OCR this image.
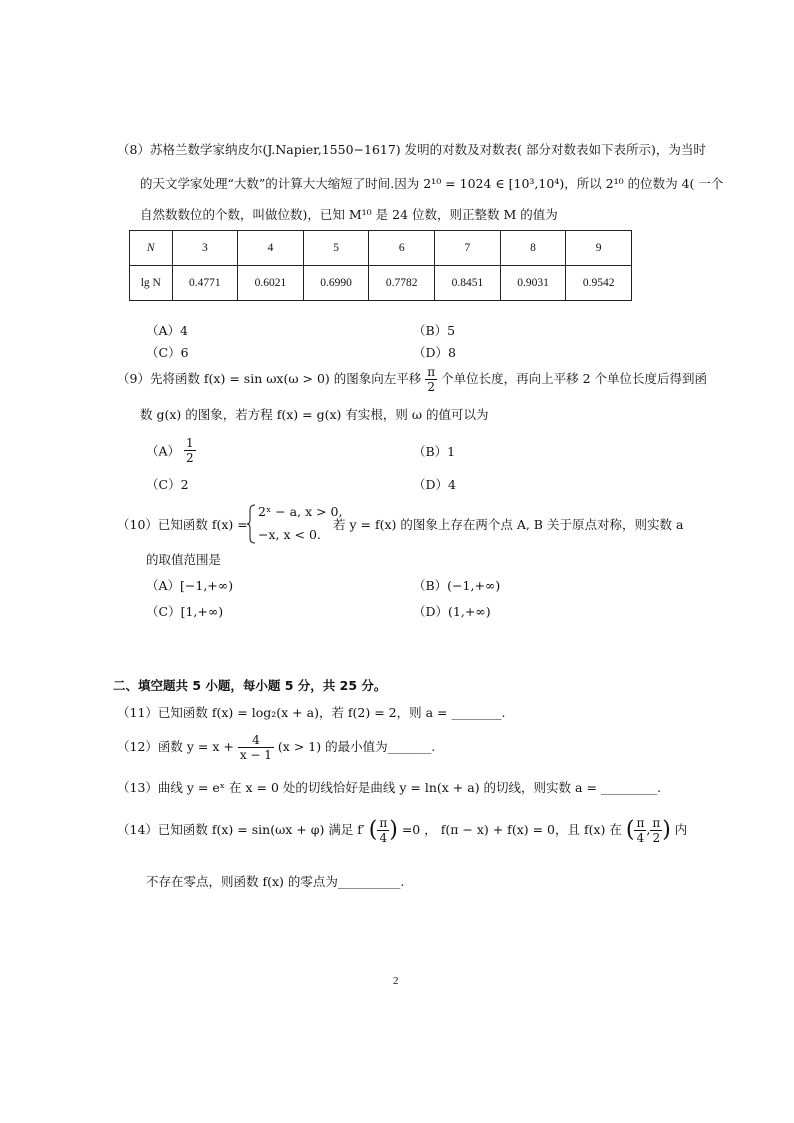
（8）苏格兰数学家纳皮尔(J.Napier,1550−1617) 发明的对数及对数表( 部分对数表如下表所示)，为当时
的天文学家处理“大数”的计算大大缩短了时间.因为 2¹⁰ = 1024 ∈ [10³,10⁴)，所以 2¹⁰ 的位数为 4( 一个
自然数数位的个数，叫做位数)，已知 M¹⁰ 是 24 位数，则正整数 M 的值为
N	3	4	5	6	7	8	9
lg N	0.4771	0.6021	0.6990	0.7782	0.8451	0.9031	0.9542
（A）4	（B）5
（C）6	（D）8
（9）先将函数 f(x) = sin ωx(ω > 0) 的图象向左平移 $\frac{\pi}{2}$ 个单位长度，再向上平移 2 个单位长度后得到函
数 g(x) 的图象，若方程 f(x) = g(x) 有实根，则 ω 的值可以为
$(A) \frac{1}{2}$	（B）1
（C）2	（D）4
（10）已知函数 f(x) =
2ˣ − a, x > 0,
−x, x < 0.
若 y = f(x) 的图象上存在两个点 A, B 关于原点对称，则实数 a
的取值范围是
（A）[−1,+∞)	（B）(−1,+∞)
（C）[1,+∞)	（D）(1,+∞)
二、填空题共 5 小题，每小题 5 分，共 25 分。
（11）已知函数 f(x) = log₂(x + a)，若 f(2) = 2，则 a = ________.
（12）函数 $y = x + \frac{4}{x - 1} (x > 1)$ 的最小值为_______.
（13）曲线 y = eˣ 在 x = 0 处的切线恰好是曲线 y = ln(x + a) 的切线，则实数 a = _________.
（14）已知函数 f(x) = sin(ωx + φ) 满足 f′ ( $\frac{\pi}{4}$ ) =0 ， f(π − x) + f(x) = 0，且 f(x) 在 ( $\frac{\pi}{4}$ , $\frac{\pi}{2}$ ) 内
不存在零点，则函数 f(x) 的零点为__________.
2
